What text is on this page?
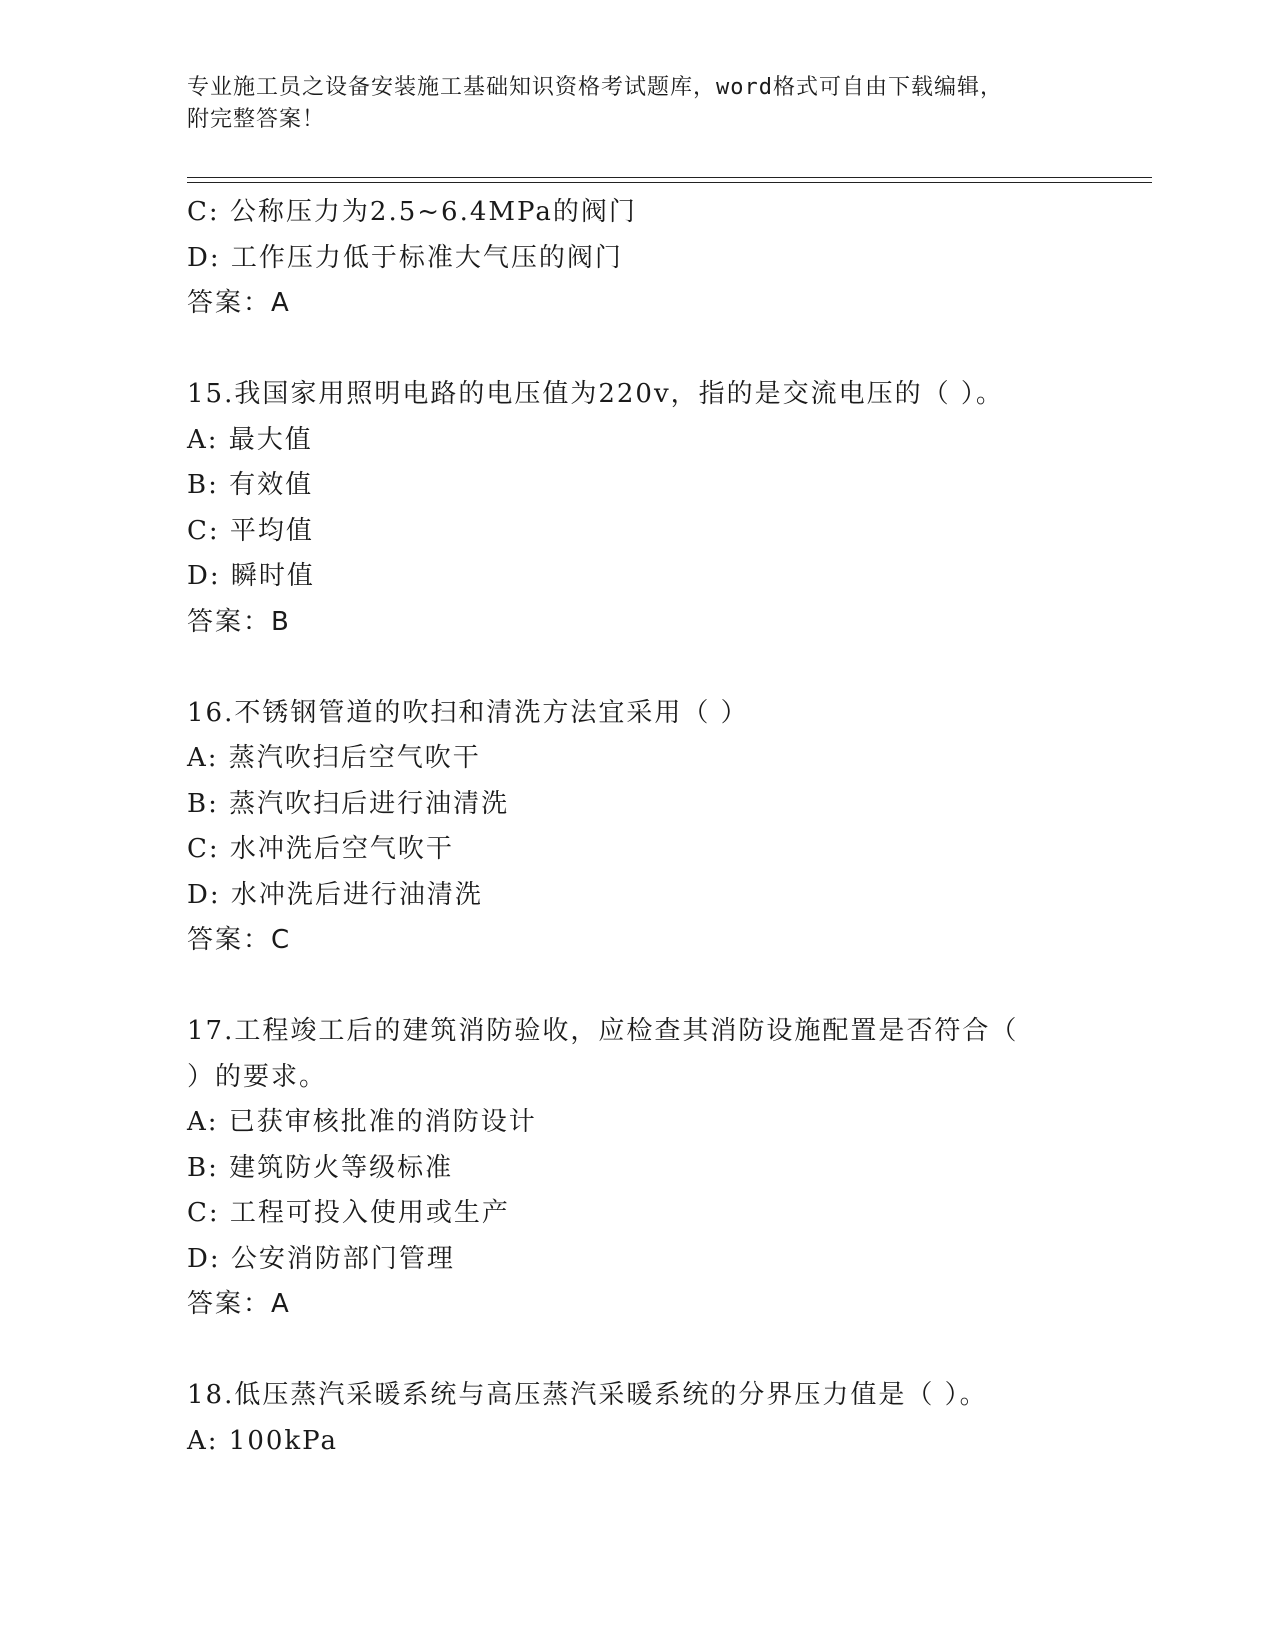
专业施工员之设备安装施工基础知识资格考试题库，word格式可自由下载编辑，
附完整答案！
C: 公称压力为2.5~6.4MPa的阀门
D: 工作压力低于标准大气压的阀门
答案：A
15.我国家用照明电路的电压值为220v，指的是交流电压的（ ）。
A: 最大值
B: 有效值
C: 平均值
D: 瞬时值
答案：B
16.不锈钢管道的吹扫和清洗方法宜采用（ ）
A: 蒸汽吹扫后空气吹干
B: 蒸汽吹扫后进行油清洗
C: 水冲洗后空气吹干
D: 水冲洗后进行油清洗
答案：C
17.工程竣工后的建筑消防验收，应检查其消防设施配置是否符合（
）的要求。
A: 已获审核批准的消防设计
B: 建筑防火等级标准
C: 工程可投入使用或生产
D: 公安消防部门管理
答案：A
18.低压蒸汽采暖系统与高压蒸汽采暖系统的分界压力值是（ ）。
A: 100kPa
